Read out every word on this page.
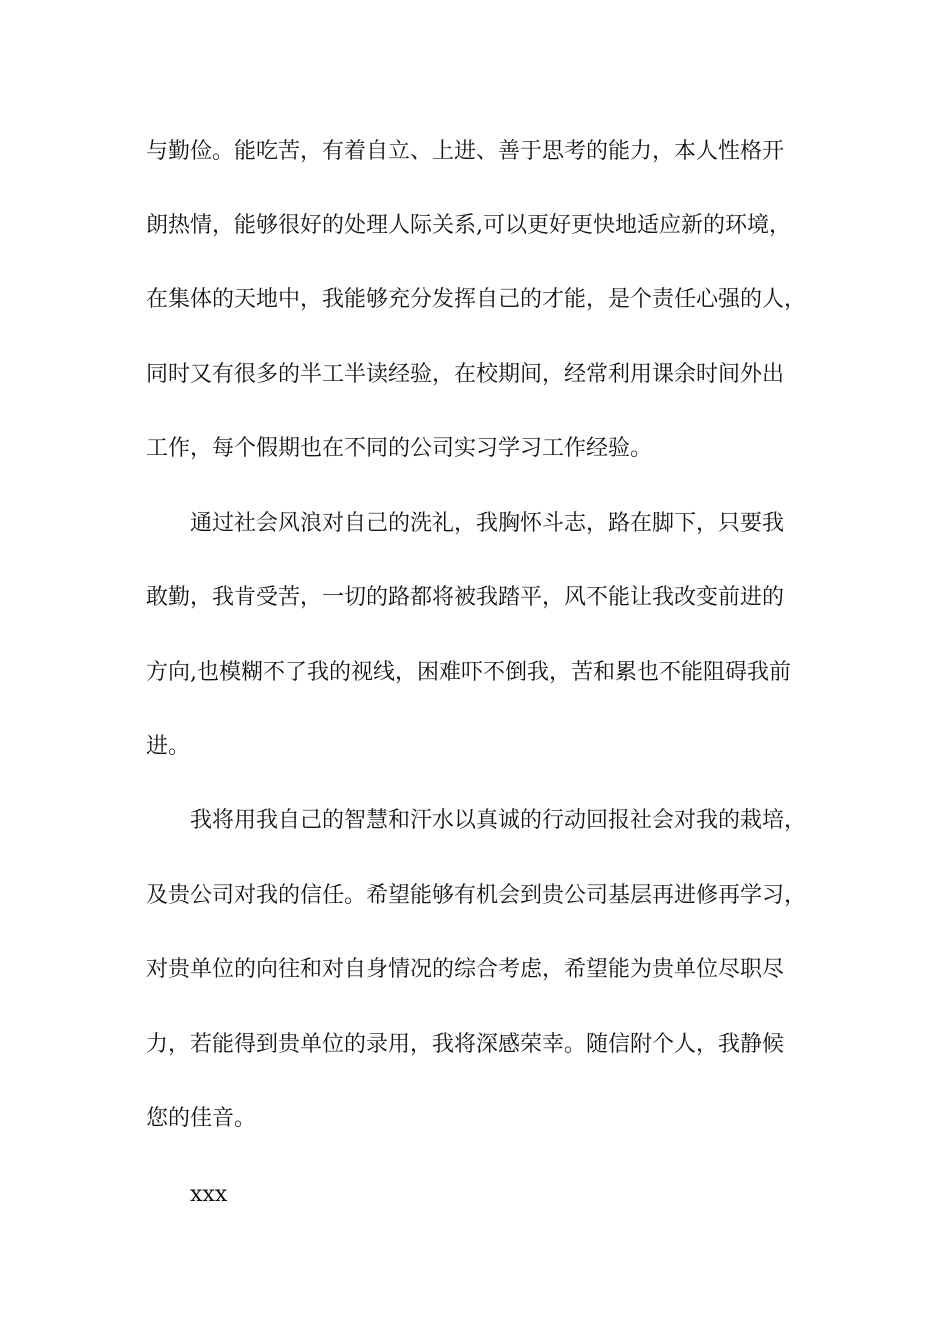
与勤俭。能吃苦，有着自立、上进、善于思考的能力，本人性格开
朗热情，能够很好的处理人际关系,可以更好更快地适应新的环境，
在集体的天地中，我能够充分发挥自己的才能，是个责任心强的人，
同时又有很多的半工半读经验，在校期间，经常利用课余时间外出
工作，每个假期也在不同的公司实习学习工作经验。
通过社会风浪对自己的洗礼，我胸怀斗志，路在脚下，只要我
敢勤，我肯受苦，一切的路都将被我踏平，风不能让我改变前进的
方向,也模糊不了我的视线，困难吓不倒我，苦和累也不能阻碍我前
进。
我将用我自己的智慧和汗水以真诚的行动回报社会对我的栽培，
及贵公司对我的信任。希望能够有机会到贵公司基层再进修再学习，
对贵单位的向往和对自身情况的综合考虑，希望能为贵单位尽职尽
力，若能得到贵单位的录用，我将深感荣幸。随信附个人，我静候
您的佳音。
xxx
